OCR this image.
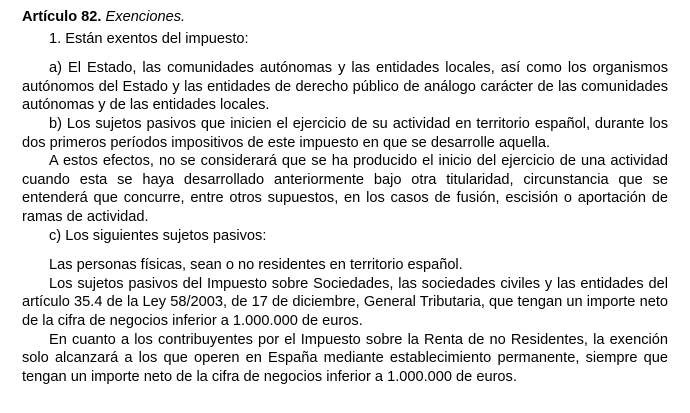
Artículo 82. Exenciones.

1. Están exentos del impuesto:

a) El Estado, las comunidades autónomas y las entidades locales, así como los organismos autónomos del Estado y las entidades de derecho público de análogo carácter de las comunidades autónomas y de las entidades locales.

b) Los sujetos pasivos que inicien el ejercicio de su actividad en territorio español, durante los dos primeros períodos impositivos de este impuesto en que se desarrolle aquella.

A estos efectos, no se considerará que se ha producido el inicio del ejercicio de una actividad cuando esta se haya desarrollado anteriormente bajo otra titularidad, circunstancia que se entenderá que concurre, entre otros supuestos, en los casos de fusión, escisión o aportación de ramas de actividad.

c) Los siguientes sujetos pasivos:

Las personas físicas, sean o no residentes en territorio español.

Los sujetos pasivos del Impuesto sobre Sociedades, las sociedades civiles y las entidades del artículo 35.4 de la Ley 58/2003, de 17 de diciembre, General Tributaria, que tengan un importe neto de la cifra de negocios inferior a 1.000.000 de euros.

En cuanto a los contribuyentes por el Impuesto sobre la Renta de no Residentes, la exención solo alcanzará a los que operen en España mediante establecimiento permanente, siempre que tengan un importe neto de la cifra de negocios inferior a 1.000.000 de euros.
